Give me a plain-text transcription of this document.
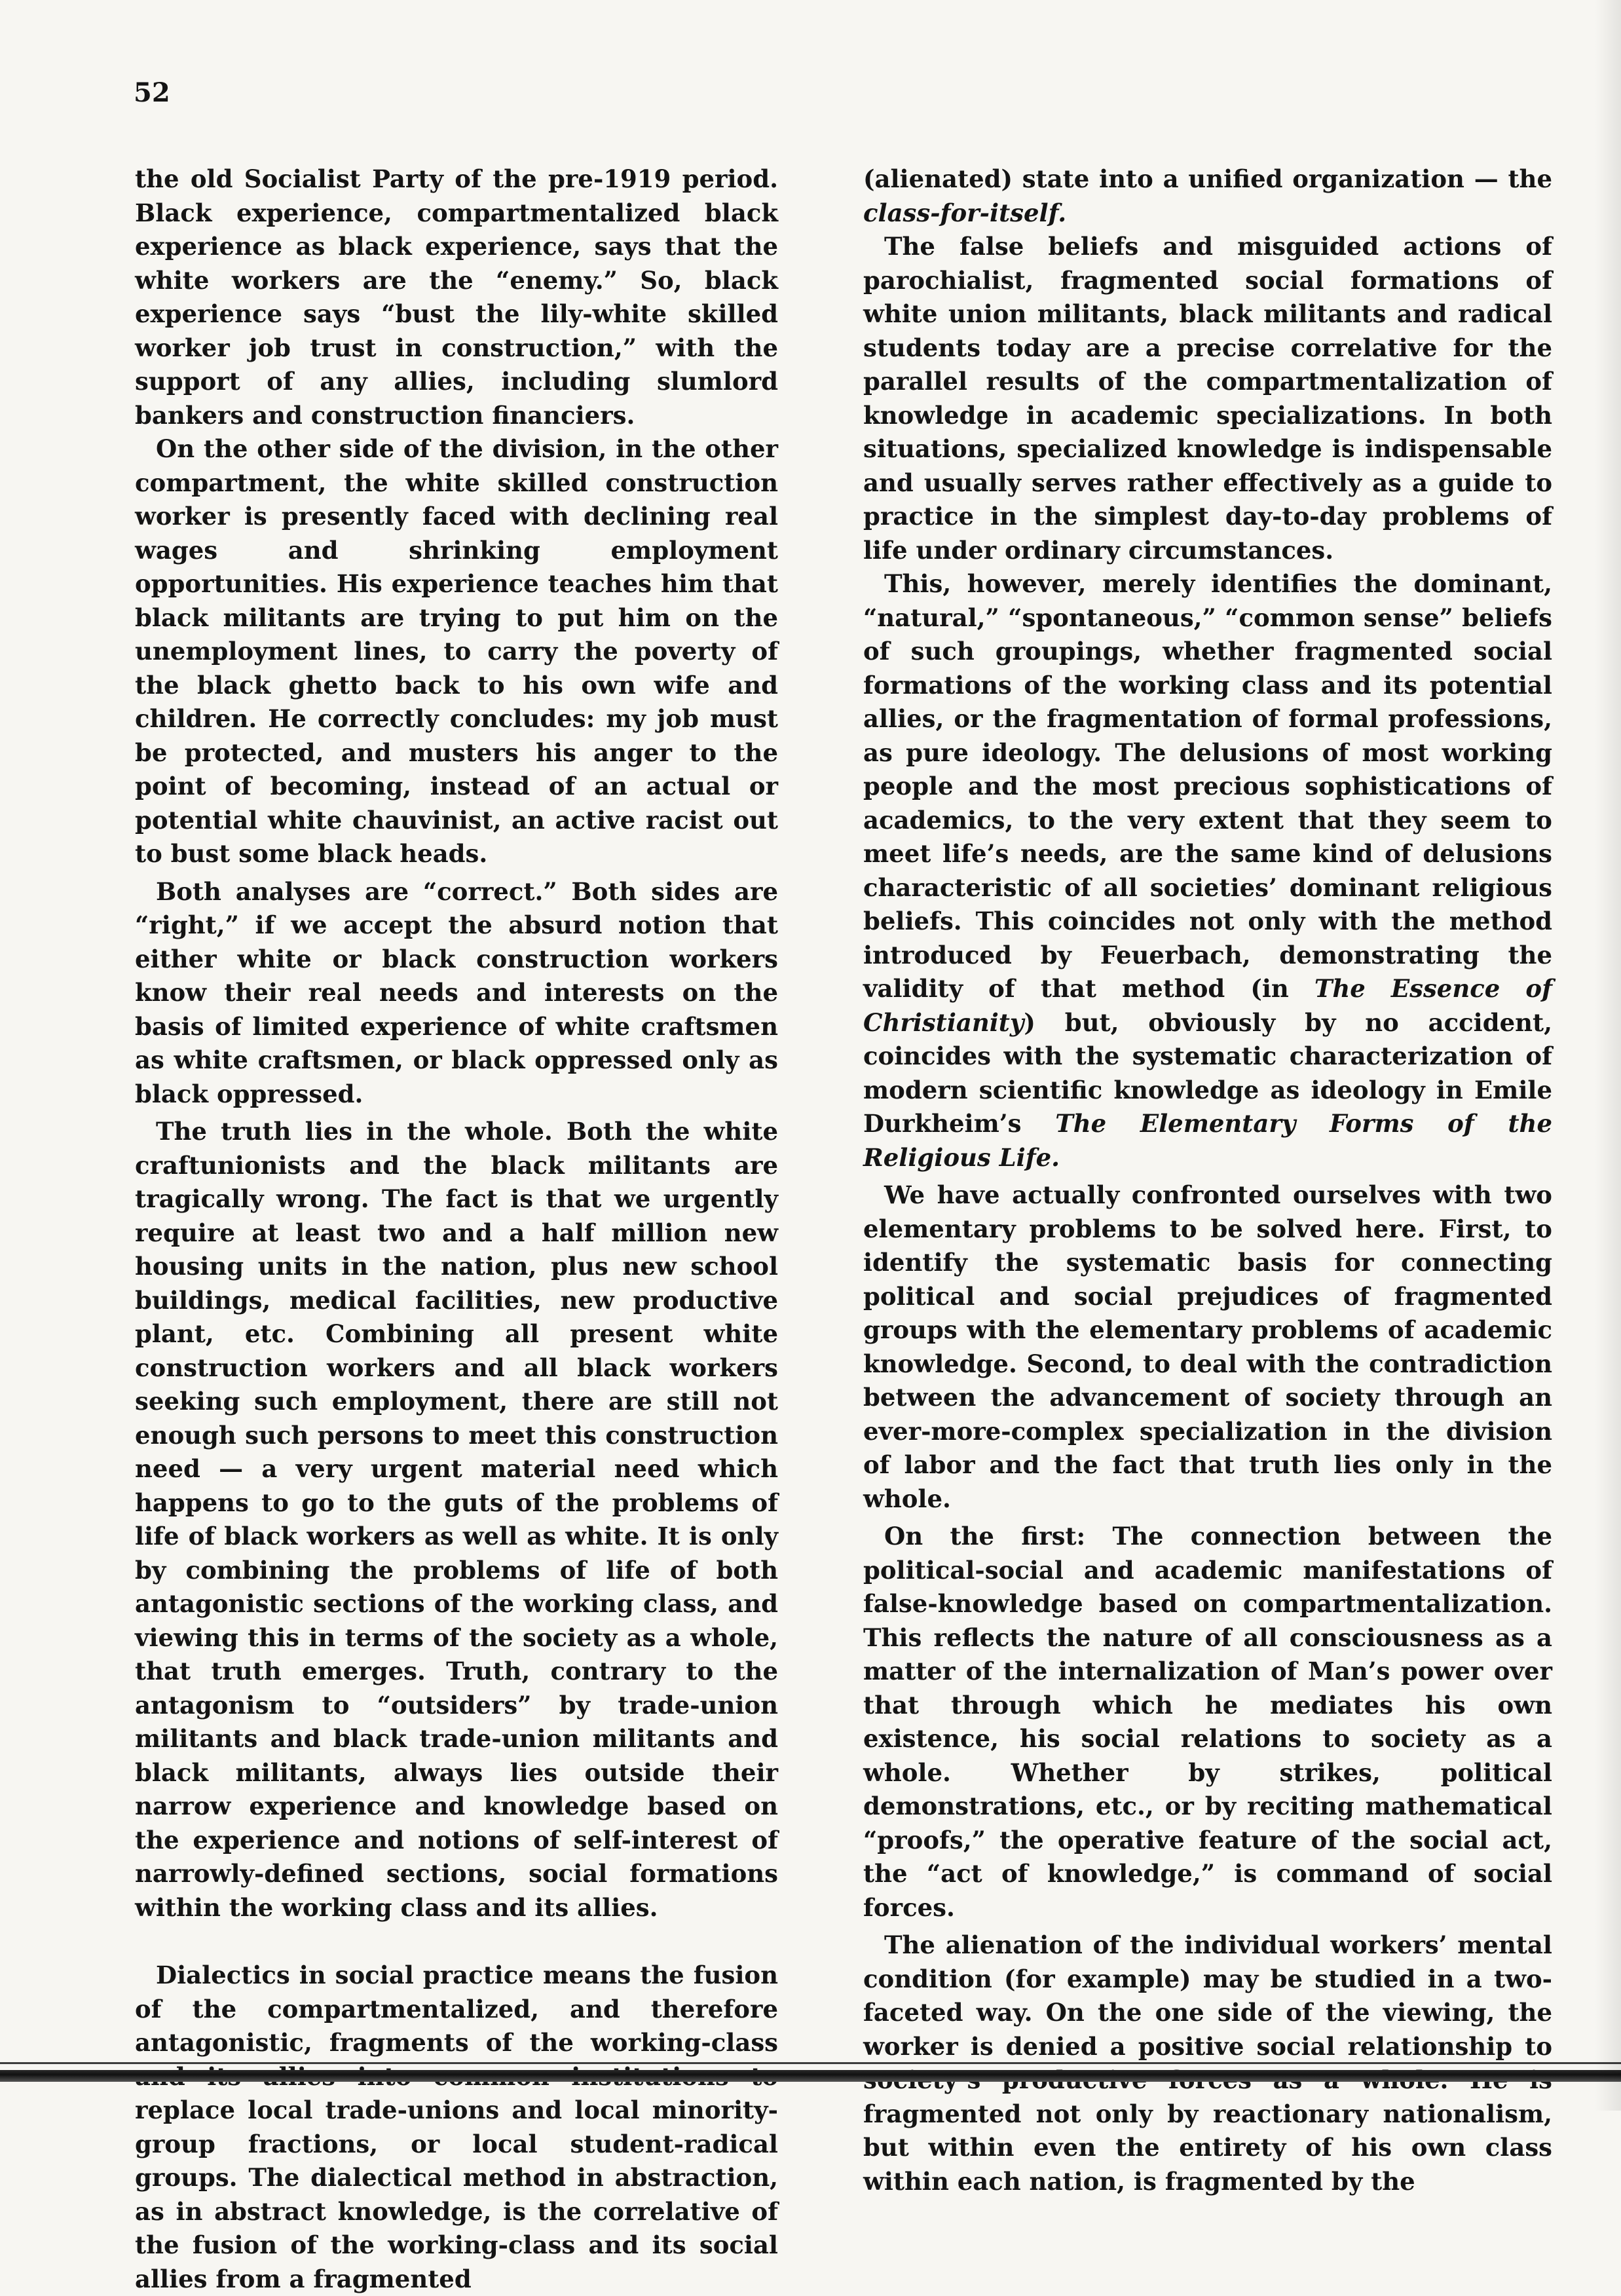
52

the old Socialist Party of the pre-1919 period. Black experience, compartmentalized black experience as black experience, says that the white workers are the “enemy.” So, black experience says “bust the lily-white skilled worker job trust in construction,” with the support of any allies, including slumlord bankers and construction financiers.

On the other side of the division, in the other compartment, the white skilled construction worker is presently faced with declining real wages and shrinking employment opportunities. His experience teaches him that black militants are trying to put him on the unemployment lines, to carry the poverty of the black ghetto back to his own wife and children. He correctly concludes: my job must be protected, and musters his anger to the point of becoming, instead of an actual or potential white chauvinist, an active racist out to bust some black heads.

Both analyses are “correct.” Both sides are “right,” if we accept the absurd notion that either white or black construction workers know their real needs and interests on the basis of limited experience of white craftsmen as white craftsmen, or black oppressed only as black oppressed.

The truth lies in the whole. Both the white craftunionists and the black militants are tragically wrong. The fact is that we urgently require at least two and a half million new housing units in the nation, plus new school buildings, medical facilities, new productive plant, etc. Combining all present white construction workers and all black workers seeking such employment, there are still not enough such persons to meet this construction need — a very urgent material need which happens to go to the guts of the problems of life of black workers as well as white. It is only by combining the problems of life of both antagonistic sections of the working class, and viewing this in terms of the society as a whole, that truth emerges. Truth, contrary to the antagonism to “outsiders” by trade-union militants and black trade-union militants and black militants, always lies outside their narrow experience and knowledge based on the experience and notions of self-interest of narrowly-defined sections, social formations within the working class and its allies.

Dialectics in social practice means the fusion of the compartmentalized, and therefore antagonistic, fragments of the working-class replace local trade-unions and local minority-group fractions, or local student-radical groups. The dialectical method in abstraction, as in abstract knowledge, is the correlative of the fusion of the working-class and its social allies from a fragmented

(alienated) state into a unified organization — the class-for-itself.

The false beliefs and misguided actions of parochialist, fragmented social formations of white union militants, black militants and radical students today are a precise correlative for the parallel results of the compartmentalization of knowledge in academic specializations. In both situations, specialized knowledge is indispensable and usually serves rather effectively as a guide to practice in the simplest day-to-day problems of life under ordinary circumstances.

This, however, merely identifies the dominant, “natural,” “spontaneous,” “common sense” beliefs of such groupings, whether fragmented social formations of the working class and its potential allies, or the fragmentation of formal professions, as pure ideology. The delusions of most working people and the most precious sophistications of academics, to the very extent that they seem to meet life’s needs, are the same kind of delusions characteristic of all societies’ dominant religious beliefs. This coincides not only with the method introduced by Feuerbach, demonstrating the validity of that method (in The Essence of Christianity) but, obviously by no accident, coincides with the systematic characterization of modern scientific knowledge as ideology in Emile Durkheim’s The Elementary Forms of the Religious Life.

We have actually confronted ourselves with two elementary problems to be solved here. First, to identify the systematic basis for connecting political and social prejudices of fragmented groups with the elementary problems of academic knowledge. Second, to deal with the contradiction between the advancement of society through an ever-more-complex specialization in the division of labor and the fact that truth lies only in the whole.

On the first: The connection between the political-social and academic manifestations of false-knowledge based on compartmentalization. This reflects the nature of all consciousness as a matter of the internalization of Man’s power over that through which he mediates his own existence, his social relations to society as a whole. Whether by strikes, political demonstrations, etc., or by reciting mathematical “proofs,” the operative feature of the social act, the “act of knowledge,” is command of social forces.

The alienation of the individual workers’ mental condition (for example) may be studied in a two-faceted way. On the one side of the viewing, the worker is denied a positive social relationship to fragmented not only by reactionary nationalism, but within even the entirety of his own class within each nation, is fragmented by the
